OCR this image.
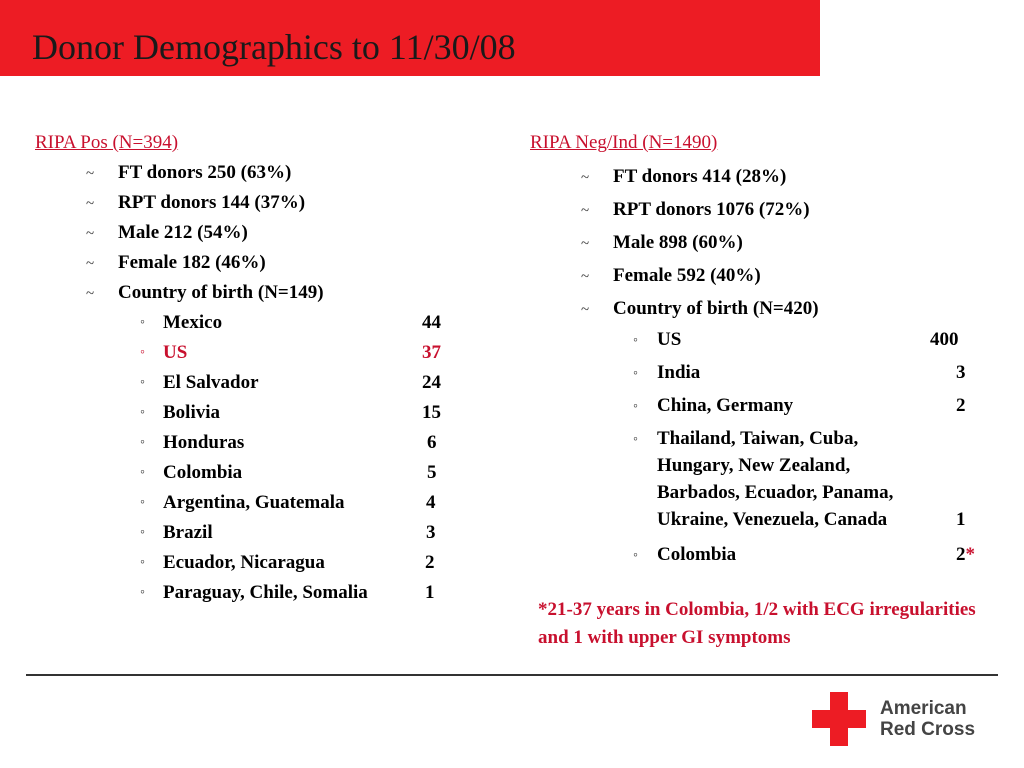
Donor Demographics to 11/30/08
RIPA Pos (N=394)
~ FT donors 250 (63%)
~ RPT donors 144 (37%)
~ Male 212 (54%)
~ Female 182 (46%)
~ Country of birth (N=149)
◦ Mexico	44
◦ US	37
◦ El Salvador	24
◦ Bolivia	15
◦ Honduras	6
◦ Colombia	5
◦ Argentina, Guatemala	4
◦ Brazil	3
◦ Ecuador, Nicaragua	2
◦ Paraguay, Chile, Somalia	1
RIPA Neg/Ind (N=1490)
~ FT donors 414 (28%)
~ RPT donors 1076 (72%)
~ Male 898 (60%)
~ Female 592 (40%)
~ Country of birth (N=420)
◦ US	400
◦ India	3
◦ China, Germany	2
◦ Thailand, Taiwan, Cuba,
Hungary, New Zealand,
Barbados, Ecuador, Panama,
Ukraine, Venezuela, Canada	1
◦ Colombia	2*
*21-37 years in Colombia, 1/2 with ECG irregularities and 1 with upper GI symptoms
American
Red Cross
